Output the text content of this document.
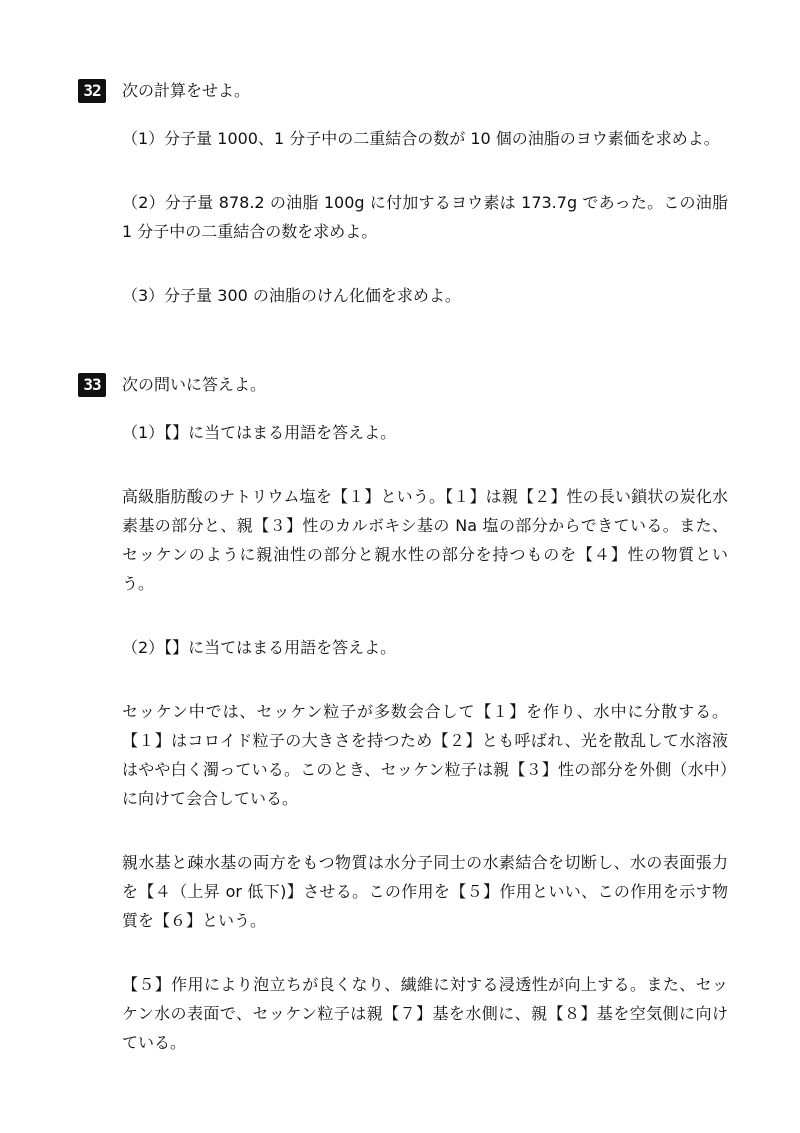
32	次の計算をせよ。
（1）分子量 1000、1 分子中の二重結合の数が 10 個の油脂のヨウ素価を求めよ。
（2）分子量 878.2 の油脂 100g に付加するヨウ素は 173.7g であった。この油脂 1 分子中の二重結合の数を求めよ。
（3）分子量 300 の油脂のけん化価を求めよ。
33	次の問いに答えよ。
（1）【】に当てはまる用語を答えよ。
高級脂肪酸のナトリウム塩を【１】という。【１】は親【２】性の長い鎖状の炭化水素基の部分と、親【３】性のカルボキシ基の Na 塩の部分からできている。また、セッケンのように親油性の部分と親水性の部分を持つものを【４】性の物質という。
（2）【】に当てはまる用語を答えよ。
セッケン中では、セッケン粒子が多数会合して【１】を作り、水中に分散する。【１】はコロイド粒子の大きさを持つため【２】とも呼ばれ、光を散乱して水溶液はやや白く濁っている。このとき、セッケン粒子は親【３】性の部分を外側（水中）に向けて会合している。
親水基と疎水基の両方をもつ物質は水分子同士の水素結合を切断し、水の表面張力を【４（上昇 or 低下)】させる。この作用を【５】作用といい、この作用を示す物質を【６】という。
【５】作用により泡立ちが良くなり、繊維に対する浸透性が向上する。また、セッケン水の表面で、セッケン粒子は親【７】基を水側に、親【８】基を空気側に向けている。
